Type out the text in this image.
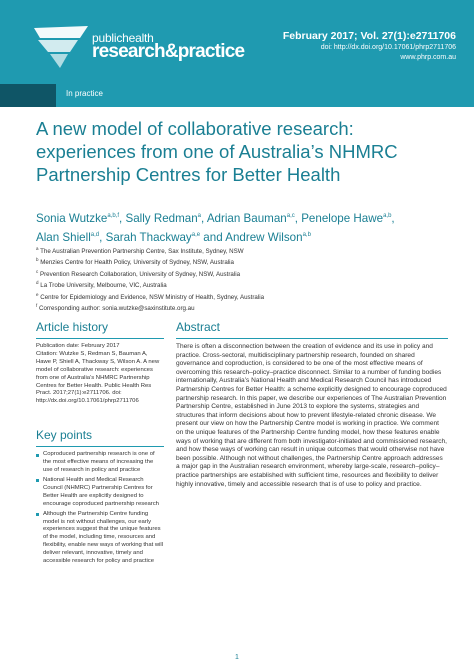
publichealth
research&practice
February 2017; Vol. 27(1):e2711706
doi: http://dx.doi.org/10.17061/phrp2711706
www.phrp.com.au
In practice
A new model of collaborative research:
experiences from one of Australia’s NHMRC
Partnership Centres for Better Health
Sonia Wutzke$^{a,b,f}$, Sally Redman$^a$, Adrian Bauman$^{a,c}$, Penelope Hawe$^{a,b}$,
Alan Shiell$^{a,d}$, Sarah Thackway$^{a,e}$ and Andrew Wilson$^{a,b}$
$^a$ The Australian Prevention Partnership Centre, Sax Institute, Sydney, NSW
$^b$ Menzies Centre for Health Policy, University of Sydney, NSW, Australia
$^c$ Prevention Research Collaboration, University of Sydney, NSW, Australia
$^d$ La Trobe University, Melbourne, VIC, Australia
$^e$ Centre for Epidemiology and Evidence, NSW Ministry of Health, Sydney, Australia
$^f$ Corresponding author: sonia.wutzke@saxinstitute.org.au
Article history
Publication date: February 2017
Citation: Wutzke S, Redman S, Bauman A, Hawe P, Shiell A, Thackway S, Wilson A. A new model of collaborative research: experiences from one of Australia’s NHMRC Partnership Centres for Better Health. Public Health Res Pract. 2017;27(1):e2711706. doi: http://dx.doi.org/10.17061/phrp2711706
Key points
Coproduced partnership research is one of the most effective means of increasing the use of research in policy and practice
National Health and Medical Research Council (NHMRC) Partnership Centres for Better Health are explicitly designed to encourage coproduced partnership research
Although the Partnership Centre funding model is not without challenges, our early experiences suggest that the unique features of the model, including time, resources and flexibility, enable new ways of working that will deliver relevant, innovative, timely and accessible research for policy and practice
Abstract
There is often a disconnection between the creation of evidence and its use in policy and practice. Cross-sectoral, multidisciplinary partnership research, founded on shared governance and coproduction, is considered to be one of the most effective means of overcoming this research–policy–practice disconnect. Similar to a number of funding bodies internationally, Australia’s National Health and Medical Research Council has introduced Partnership Centres for Better Health: a scheme explicitly designed to encourage coproduced partnership research. In this paper, we describe our experiences of The Australian Prevention Partnership Centre, established in June 2013 to explore the systems, strategies and structures that inform decisions about how to prevent lifestyle-related chronic disease. We present our view on how the Partnership Centre model is working in practice. We comment on the unique features of the Partnership Centre funding model, how these features enable ways of working that are different from both investigator-initiated and commissioned research, and how these ways of working can result in unique outcomes that would otherwise not have been possible. Although not without challenges, the Partnership Centre approach addresses a major gap in the Australian research environment, whereby large-scale, research–policy–practice partnerships are established with sufficient time, resources and flexibility to deliver highly innovative, timely and accessible research that is of use to policy and practice.
1
